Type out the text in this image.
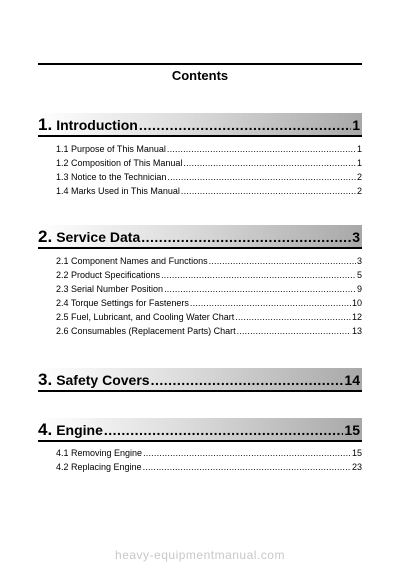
Contents
1. Introduction .....	1
1.1 Purpose of This Manual .....	1
1.2 Composition of This Manual .....	1
1.3 Notice to the Technician .....	2
1.4 Marks Used in This Manual .....	2
2. Service Data .....	3
2.1 Component Names and Functions .....	3
2.2 Product Specifications .....	5
2.3 Serial Number Position .....	9
2.4 Torque Settings for Fasteners .....	10
2.5 Fuel, Lubricant, and Cooling Water Chart .....	12
2.6 Consumables (Replacement Parts) Chart .....	13
3. Safety Covers .....	14
4. Engine .....	15
4.1 Removing Engine .....	15
4.2 Replacing Engine .....	23
heavy-equipmentmanual.com
